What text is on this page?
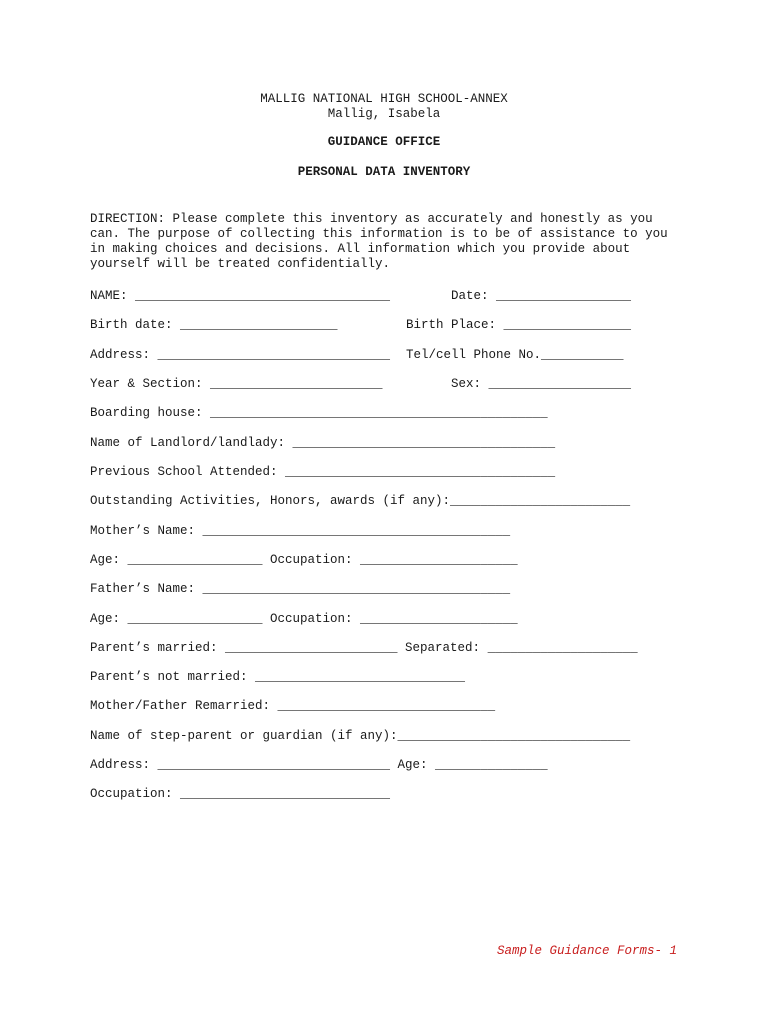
MALLIG NATIONAL HIGH SCHOOL-ANNEX
Mallig, Isabela
GUIDANCE OFFICE
PERSONAL DATA INVENTORY
DIRECTION: Please complete this inventory as accurately and honestly as you can. The purpose of collecting this information is to be of assistance to you in making choices and decisions. All information which you provide about yourself will be treated confidentially.
NAME: __________________________________	Date: __________________
Birth date: _____________________	Birth Place: _________________
Address: _______________________________ Tel/cell Phone No.___________
Year & Section: _______________________	Sex: ___________________
Boarding house: _____________________________________________
Name of Landlord/landlady: ___________________________________
Previous School Attended: ____________________________________
Outstanding Activities, Honors, awards (if any):________________________
Mother’s Name: _________________________________________
Age: __________________ Occupation: _____________________
Father’s Name: _________________________________________
Age: __________________ Occupation: _____________________
Parent’s married: _______________________ Separated: ____________________
Parent’s not married: ____________________________
Mother/Father Remarried: _____________________________
Name of step-parent or guardian (if any):_______________________________
Address: _______________________________ Age: _______________
Occupation: ____________________________
Sample Guidance Forms- 1
